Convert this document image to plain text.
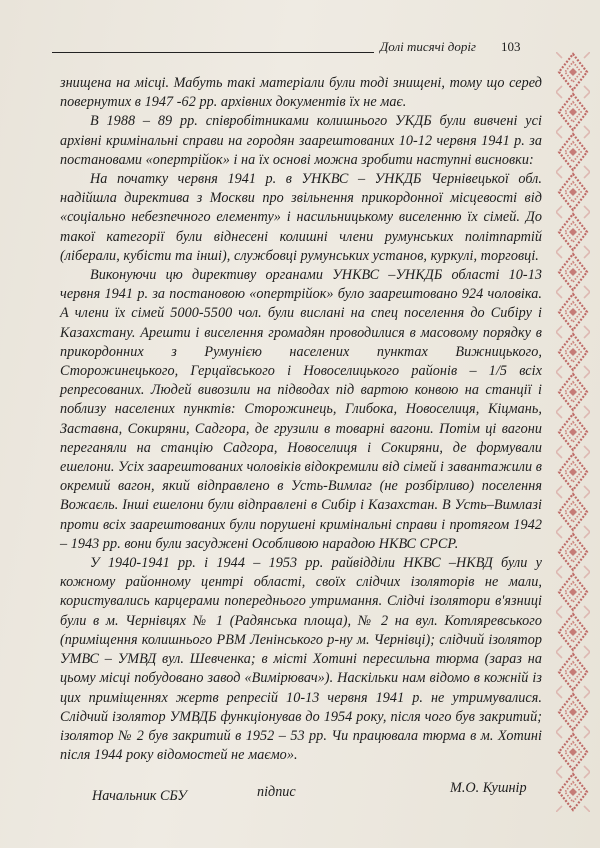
Долі тисячі доріг 103

знищена на місці. Мабуть такі матеріали були тоді знищені, тому що серед повернутих в 1947 -62 рр. архівних документів їх не має.

В 1988 – 89 рр. співробітниками колишнього УКДБ були вивчені усі архівні кримінальні справи на городян заарештованих 10-12 червня 1941 р. за постановами «опертрійок» і на їх основі можна зробити наступні висновки:

На початку червня 1941 р. в УНКВС – УНКДБ Чернівецької обл. надійшла директива з Москви про звільнення прикордонної місцевості від «соціально небезпечного елементу» і насильницькому виселенню їх сімей. До такої категорії були віднесені колишні члени румунських політпартій (ліберали, кубісти та інші), службовці румунських установ, куркулі, торговці.

Виконуючи цю директиву органами УНКВС –УНКДБ області 10-13 червня 1941 р. за постановою «опертрійок» було заарештовано 924 чоловіка. А члени їх сімей 5000-5500 чол. були вислані на спец поселення до Сибіру і Казахстану. Арешти і виселення громадян проводилися в масовому порядку в прикордонних з Румунією населених пунктах Вижницького, Сторожинецького, Герцаївського і Новоселицького районів – 1/5 всіх репресованих. Людей вивозили на підводах під вартою конвою на станції і поблизу населених пунктів: Сторожинець, Глибока, Новоселиця, Кіцмань, Заставна, Сокиряни, Садгора, де грузили в товарні вагони. Потім ці вагони переганяли на станцію Садгора, Новоселиця і Сокиряни, де формували ешелони. Усіх заарештованих чоловіків відокремили від сімей і завантажили в окремий вагон, який відправлено в Усть-Вимлаг (не розбірливо) поселення Вожаєль. Інші ешелони були відправлені в Сибір і Казахстан. В Усть–Вимлазі проти всіх заарештованих були порушені кримінальні справи і протягом 1942 – 1943 рр. вони були засуджені Особливою нарадою НКВС СРСР.

У 1940-1941 рр. і 1944 – 1953 рр. райвідділи НКВС –НКВД були у кожному районному центрі області, своїх слідчих ізоляторів не мали, користувались карцерами попереднього утримання. Слідчі ізолятори в'язниці були в м. Чернівцях № 1 (Радянська площа), № 2 на вул. Котляревського (приміщення колишнього РВМ Ленінського р-ну м. Чернівці); слідчий ізолятор УМВС – УМВД вул. Шевченка; в місті Хотині пересильна тюрма (зараз на цьому місці побудовано завод «Вимірювач»). Наскільки нам відомо в кожній із цих приміщеннях жертв репресій 10-13 червня 1941 р. не утримувалися. Слідчий ізолятор УМВДБ функціонував до 1954 року, після чого був закритий; ізолятор № 2 був закритий в 1952 – 53 рр. Чи працювала тюрма в м. Хотині після 1944 року відомостей не маємо».

Начальник СБУ	підпис	М.О. Кушнір
